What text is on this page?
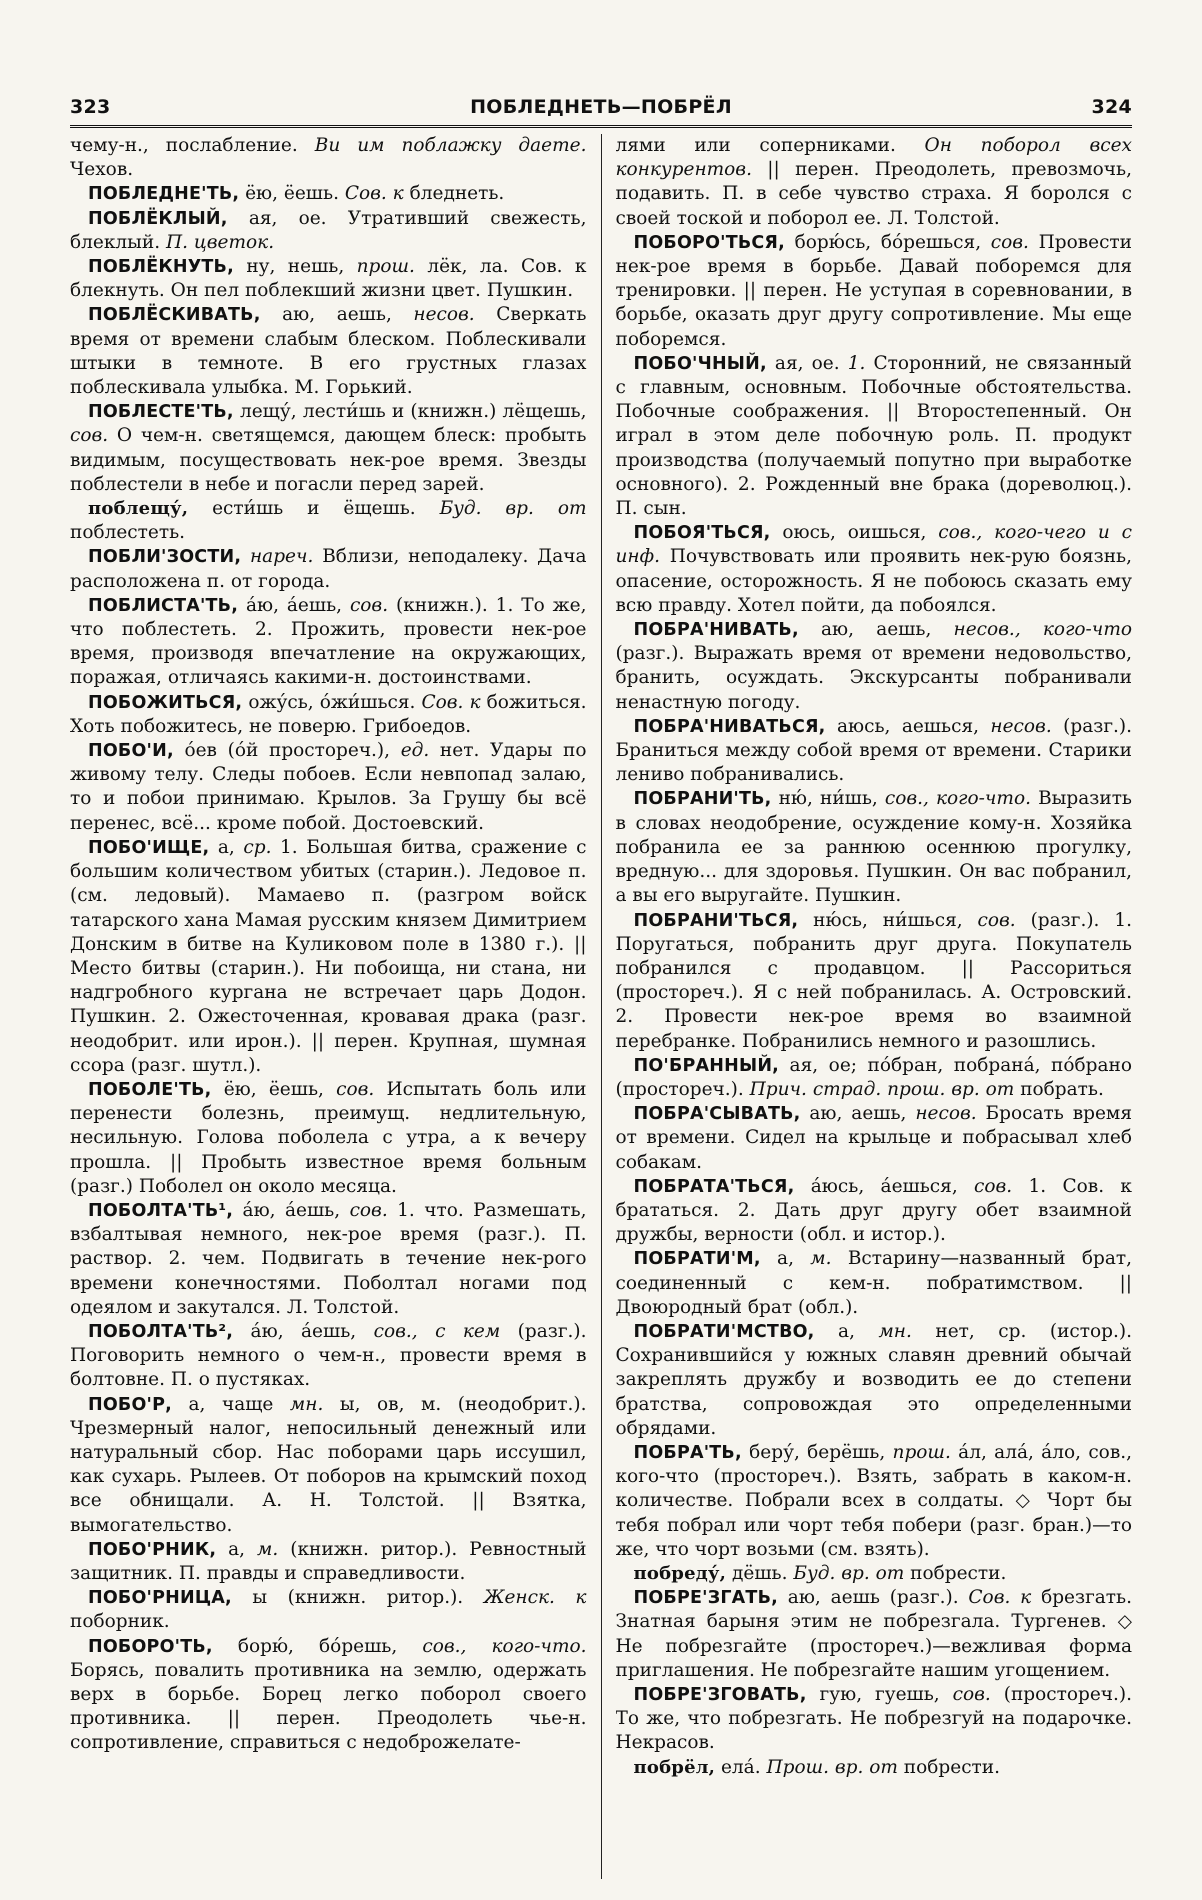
323	ПОБЛЕДНЕТЬ—ПОБРЁЛ	324

чему-н., послабление. Ви им поблажку даете. Чехов.

ПОБЛЕДНЕ'ТЬ, ёю, ёешь. Сов. к бледнеть.

ПОБЛЁКЛЫЙ, ая, ое. Утративший свежесть, блеклый. П. цветок.

ПОБЛЁКНУТЬ, ну, нешь, прош. лёк, ла. Сов. к блекнуть. Он пел поблекший жизни цвет. Пушкин.

ПОБЛЁСКИВАТЬ, аю, аешь, несов. Сверкать время от времени слабым блеском. Поблескивали штыки в темноте. В его грустных глазах поблескивала улыбка. М. Горький.

ПОБЛЕСТЕ'ТЬ, лещу́, лести́шь и (книжн.) лёщешь, сов. О чем-н. светящемся, дающем блеск: пробыть видимым, посуществовать нек-рое время. Звезды поблестели в небе и погасли перед зарей.

поблещу́, ести́шь и ёщешь. Буд. вр. от поблестеть.

ПОБЛИ'ЗОСТИ, нареч. Вблизи, неподалеку. Дача расположена п. от города.

ПОБЛИСТА'ТЬ, а́ю, а́ешь, сов. (книжн.). 1. То же, что поблестеть. 2. Прожить, провести нек-рое время, производя впечатление на окружающих, поражая, отличаясь какими-н. достоинствами.

ПОБОЖИТЬСЯ, ожу́сь, о́жи́шься. Сов. к божиться. Хоть побожитесь, не поверю. Грибоедов.

ПОБО'И, о́ев (о́й простореч.), ед. нет. Удары по живому телу. Следы побоев. Если невпопад залаю, то и побои принимаю. Крылов. За Грушу бы всё перенес, всё... кроме побой. Достоевский.

ПОБО'ИЩЕ, а, ср. 1. Большая битва, сражение с большим количеством убитых (старин.). Ледовое п. (см. ледовый). Мамаево п. (разгром войск татарского хана Мамая русским князем Димитрием Донским в битве на Куликовом поле в 1380 г.). || Место битвы (старин.). Ни побоища, ни стана, ни надгробного кургана не встречает царь Додон. Пушкин. 2. Ожесточенная, кровавая драка (разг. неодобрит. или ирон.). || перен. Крупная, шумная ссора (разг. шутл.).

ПОБОЛЕ'ТЬ, ёю, ёешь, сов. Испытать боль или перенести болезнь, преимущ. недлительную, несильную. Голова поболела с утра, а к вечеру прошла. || Пробыть известное время больным (разг.) Поболел он около месяца.

ПОБОЛТА'ТЬ¹, а́ю, а́ешь, сов. 1. что. Размешать, взбалтывая немного, нек-рое время (разг.). П. раствор. 2. чем. Подвигать в течение нек-рого времени конечностями. Поболтал ногами под одеялом и закутался. Л. Толстой.

ПОБОЛТА'ТЬ², а́ю, а́ешь, сов., с кем (разг.). Поговорить немного о чем-н., провести время в болтовне. П. о пустяках.

ПОБО'Р, а, чаще мн. ы, ов, м. (неодобрит.). Чрезмерный налог, непосильный денежный или натуральный сбор. Нас поборами царь иссушил, как сухарь. Рылеев. От поборов на крымский поход все обнищали. А. Н. Толстой. || Взятка, вымогательство.

ПОБО'РНИК, а, м. (книжн. ритор.). Ревностный защитник. П. правды и справедливости.

ПОБО'РНИЦА, ы (книжн. ритор.). Женск. к поборник.

ПОБОРО'ТЬ, борю́, бо́решь, сов., кого-что. Борясь, повалить противника на землю, одержать верх в борьбе. Борец легко поборол своего противника. || перен. Преодолеть чье-н. сопротивление, справиться с недоброжелате-

лями или соперниками. Он поборол всех конкурентов. || перен. Преодолеть, превозмочь, подавить. П. в себе чувство страха. Я боролся с своей тоской и поборол ее. Л. Толстой.

ПОБОРО'ТЬСЯ, борю́сь, бо́решься, сов. Провести нек-рое время в борьбе. Давай поборемся для тренировки. || перен. Не уступая в соревновании, в борьбе, оказать друг другу сопротивление. Мы еще поборемся.

ПОБО'ЧНЫЙ, ая, ое. 1. Сторонний, не связанный с главным, основным. Побочные обстоятельства. Побочные соображения. || Второстепенный. Он играл в этом деле побочную роль. П. продукт производства (получаемый попутно при выработке основного). 2. Рожденный вне брака (дореволюц.). П. сын.

ПОБОЯ'ТЬСЯ, оюсь, оишься, сов., кого-чего и с инф. Почувствовать или проявить нек-рую боязнь, опасение, осторожность. Я не побоюсь сказать ему всю правду. Хотел пойти, да побоялся.

ПОБРА'НИВАТЬ, аю, аешь, несов., кого-что (разг.). Выражать время от времени недовольство, бранить, осуждать. Экскурсанты побранивали ненастную погоду.

ПОБРА'НИВАТЬСЯ, аюсь, аешься, несов. (разг.). Браниться между собой время от времени. Старики лениво побранивались.

ПОБРАНИ'ТЬ, ню́, ни́шь, сов., кого-что. Выразить в словах неодобрение, осуждение кому-н. Хозяйка побранила ее за раннюю осеннюю прогулку, вредную... для здоровья. Пушкин. Он вас побранил, а вы его выругайте. Пушкин.

ПОБРАНИ'ТЬСЯ, ню́сь, ни́шься, сов. (разг.). 1. Поругаться, побранить друг друга. Покупатель побранился с продавцом. || Рассориться (простореч.). Я с ней побранилась. А. Островский. 2. Провести нек-рое время во взаимной перебранке. Побранились немного и разошлись.

ПО'БРАННЫЙ, ая, ое; по́бран, побрана́, по́брано (простореч.). Прич. страд. прош. вр. от побрать.

ПОБРА'СЫВАТЬ, аю, аешь, несов. Бросать время от времени. Сидел на крыльце и побрасывал хлеб собакам.

ПОБРАТА'ТЬСЯ, а́юсь, а́ешься, сов. 1. Сов. к брататься. 2. Дать друг другу обет взаимной дружбы, верности (обл. и истор.).

ПОБРАТИ'М, а, м. Встарину—названный брат, соединенный с кем-н. побратимством. || Двоюродный брат (обл.).

ПОБРАТИ'МСТВО, а, мн. нет, ср. (истор.). Сохранившийся у южных славян древний обычай закреплять дружбу и возводить ее до степени братства, сопровождая это определенными обрядами.

ПОБРА'ТЬ, беру́, берёшь, прош. а́л, ала́, а́ло, сов., кого-что (простореч.). Взять, забрать в каком-н. количестве. Побрали всех в солдаты. ◇ Чорт бы тебя побрал или чорт тебя побери (разг. бран.)—то же, что чорт возьми (см. взять).

побреду́, дёшь. Буд. вр. от побрести.

ПОБРЕ'ЗГАТЬ, аю, аешь (разг.). Сов. к брезгать. Знатная барыня этим не побрезгала. Тургенев. ◇ Не побрезгайте (простореч.)—вежливая форма приглашения. Не побрезгайте нашим угощением.

ПОБРЕ'ЗГОВАТЬ, гую, гуешь, сов. (простореч.). То же, что побрезгать. Не побрезгуй на подарочке. Некрасов.

побрёл, ела́. Прош. вр. от побрести.
